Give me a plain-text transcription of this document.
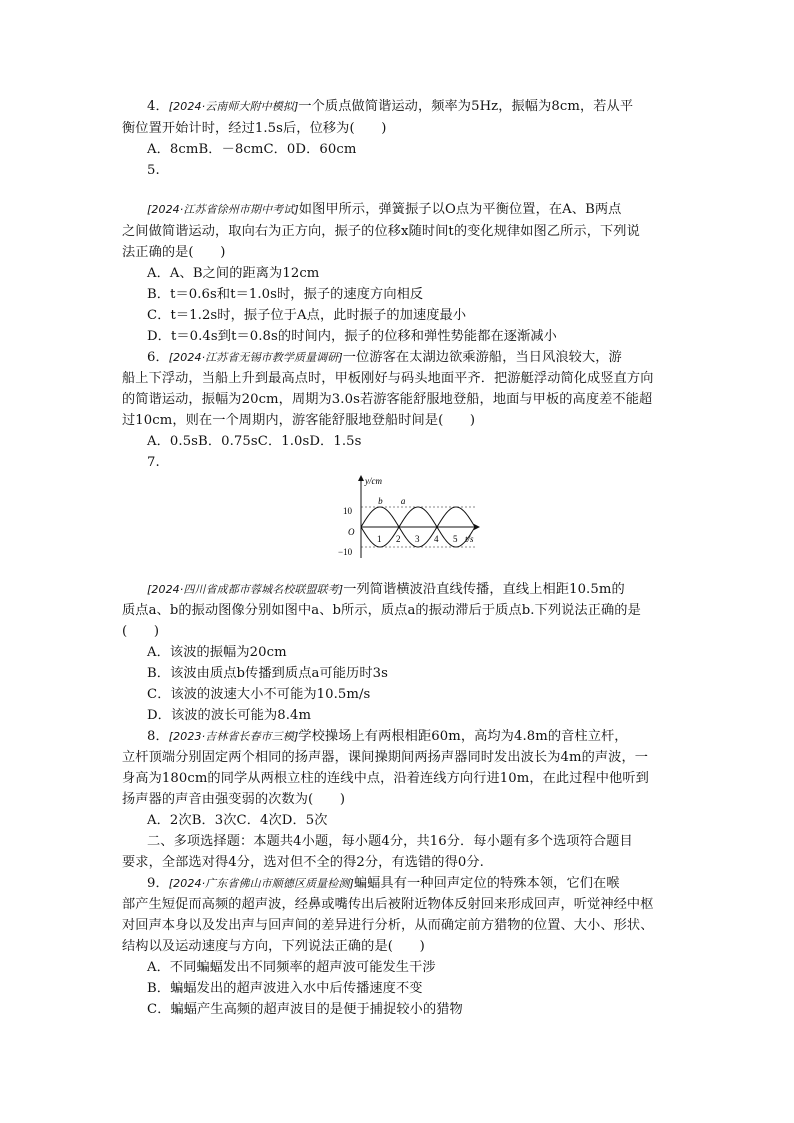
4．[2024·云南师大附中模拟]一个质点做简谐运动，频率为5Hz，振幅为8cm，若从平
衡位置开始计时，经过1.5s后，位移为(　　)
A．8cmB．－8cmC．0D．60cm
5.
[2024·江苏省徐州市期中考试]如图甲所示，弹簧振子以O点为平衡位置，在A、B两点
之间做简谐运动，取向右为正方向，振子的位移x随时间t的变化规律如图乙所示，下列说
法正确的是(　　)
A．A、B之间的距离为12cm
B．t＝0.6s和t＝1.0s时，振子的速度方向相反
C．t＝1.2s时，振子位于A点，此时振子的加速度最小
D．t＝0.4s到t＝0.8s的时间内，振子的位移和弹性势能都在逐渐减小
6．[2024·江苏省无锡市教学质量调研]一位游客在太湖边欲乘游船，当日风浪较大，游
船上下浮动，当船上升到最高点时，甲板刚好与码头地面平齐．把游艇浮动简化成竖直方向
的简谐运动，振幅为20cm，周期为3.0s若游客能舒服地登船，地面与甲板的高度差不能超
过10cm，则在一个周期内，游客能舒服地登船时间是(　　)
A．0.5sB．0.75sC．1.0sD．1.5s
7.
y/cm
t/s
O
10
−10
1 2 3 4 5
b a
[2024·四川省成都市蓉城名校联盟联考]一列简谐横波沿直线传播，直线上相距10.5m的
质点a、b的振动图像分别如图中a、b所示，质点a的振动滞后于质点b.下列说法正确的是
(　　)
A．该波的振幅为20cm
B．该波由质点b传播到质点a可能历时3s
C．该波的波速大小不可能为10.5m/s
D．该波的波长可能为8.4m
8．[2023·吉林省长春市三模]学校操场上有两根相距60m，高均为4.8m的音柱立杆，
立杆顶端分别固定两个相同的扬声器，课间操期间两扬声器同时发出波长为4m的声波，一
身高为180cm的同学从两根立柱的连线中点，沿着连线方向行进10m，在此过程中他听到
扬声器的声音由强变弱的次数为(　　)
A．2次B．3次C．4次D．5次
二、多项选择题：本题共4小题，每小题4分，共16分．每小题有多个选项符合题目
要求，全部选对得4分，选对但不全的得2分，有选错的得0分.
9．[2024·广东省佛山市顺德区质量检测]蝙蝠具有一种回声定位的特殊本领，它们在喉
部产生短促而高频的超声波，经鼻或嘴传出后被附近物体反射回来形成回声，听觉神经中枢
对回声本身以及发出声与回声间的差异进行分析，从而确定前方猎物的位置、大小、形状、
结构以及运动速度与方向，下列说法正确的是(　　)
A．不同蝙蝠发出不同频率的超声波可能发生干涉
B．蝙蝠发出的超声波进入水中后传播速度不变
C．蝙蝠产生高频的超声波目的是便于捕捉较小的猎物
